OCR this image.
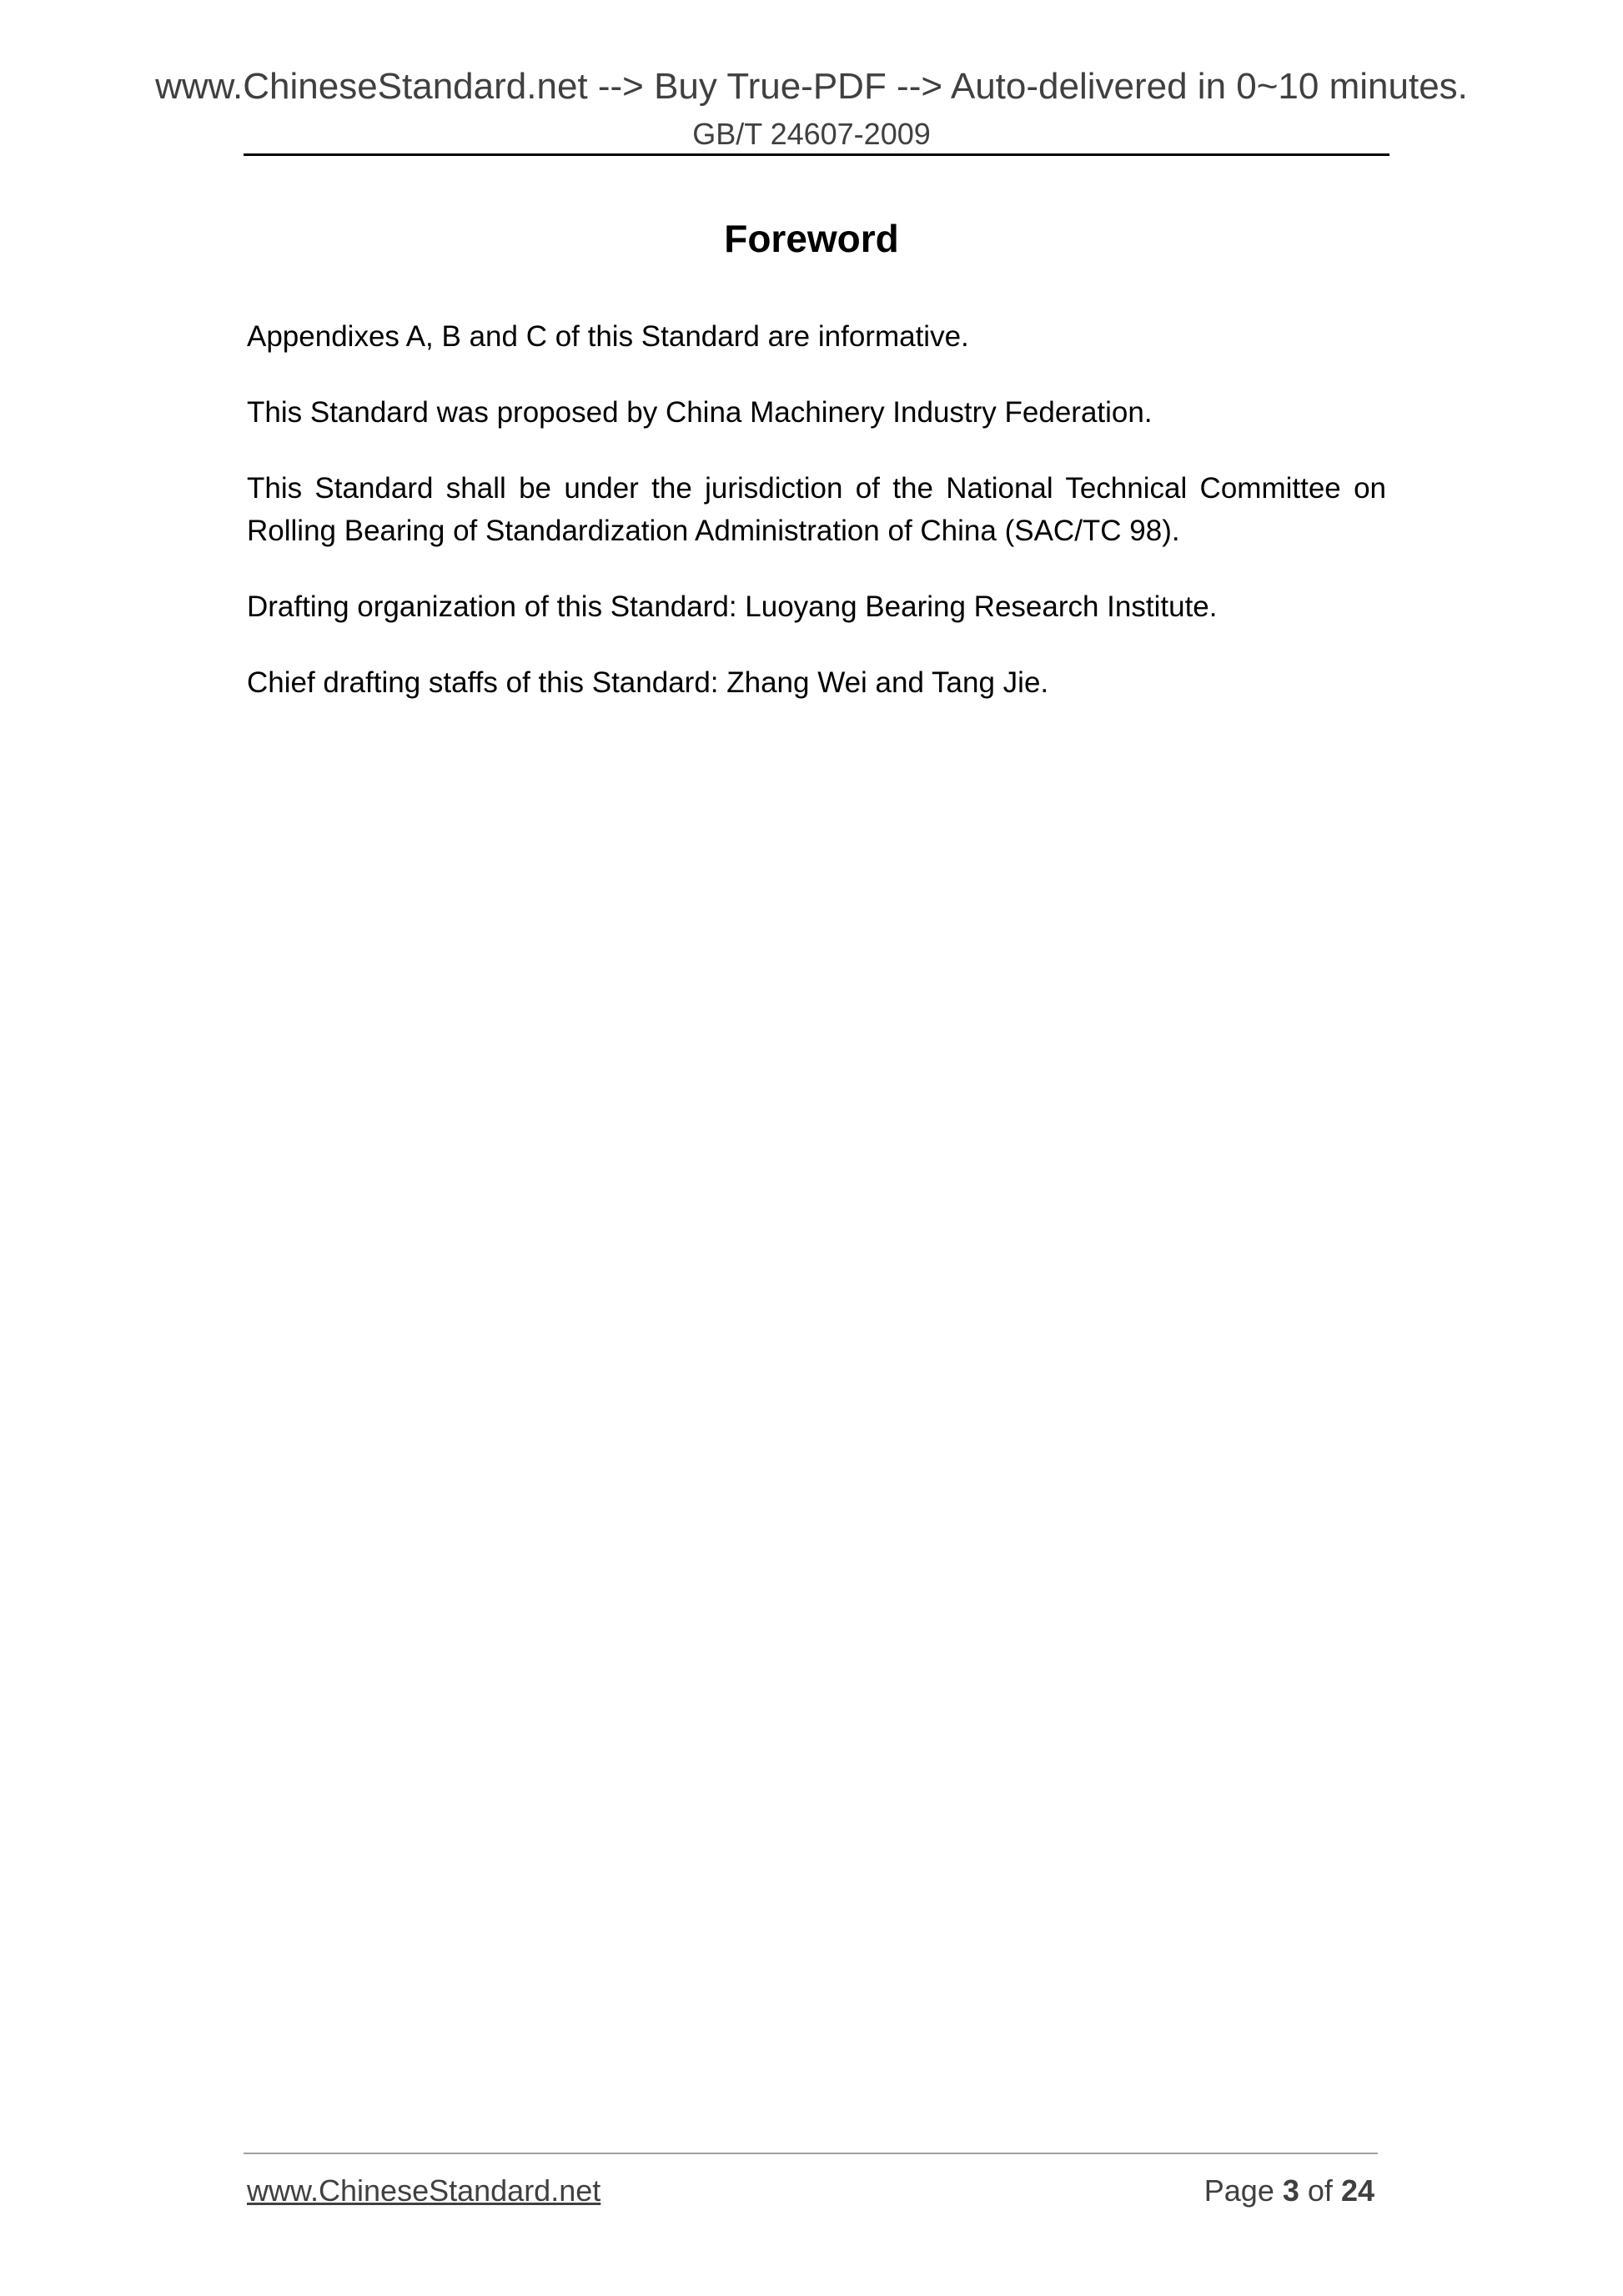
www.ChineseStandard.net --> Buy True-PDF --> Auto-delivered in 0~10 minutes.
GB/T 24607-2009
Foreword

Appendixes A, B and C of this Standard are informative.

This Standard was proposed by China Machinery Industry Federation.

This Standard shall be under the jurisdiction of the National Technical Committee on Rolling Bearing of Standardization Administration of China (SAC/TC 98).

Drafting organization of this Standard: Luoyang Bearing Research Institute.

Chief drafting staffs of this Standard: Zhang Wei and Tang Jie.

www.ChineseStandard.net	Page 3 of 24
